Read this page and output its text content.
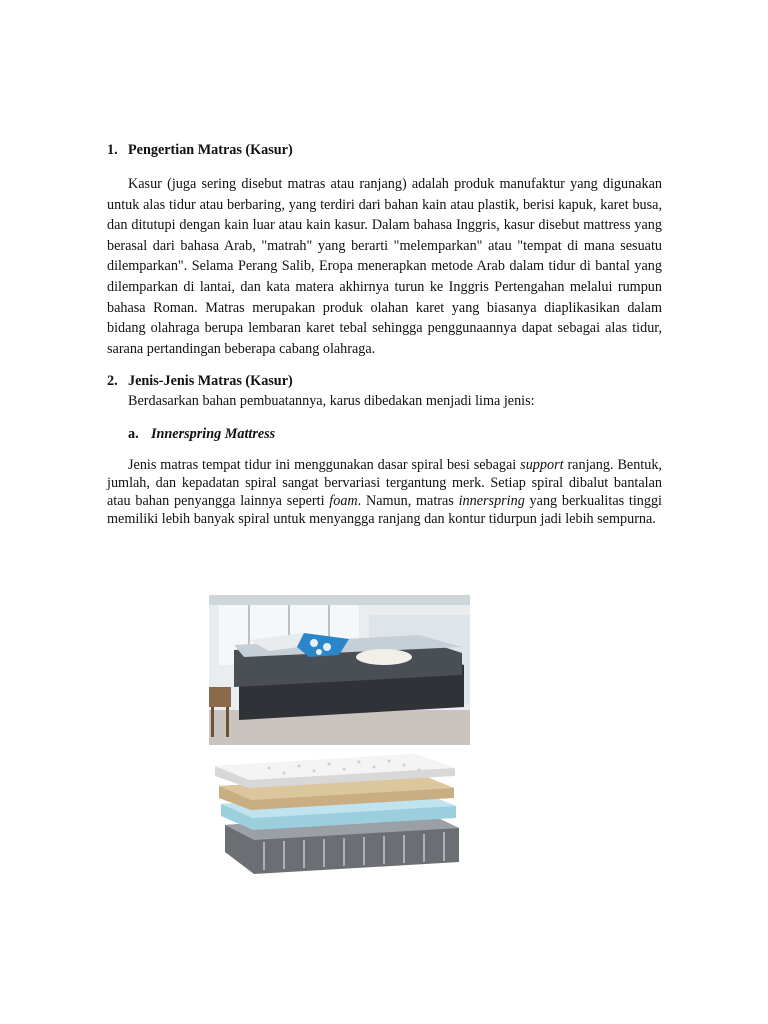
1. Pengertian Matras (Kasur)

Kasur (juga sering disebut matras atau ranjang) adalah produk manufaktur yang digunakan untuk alas tidur atau berbaring, yang terdiri dari bahan kain atau plastik, berisi kapuk, karet busa, dan ditutupi dengan kain luar atau kain kasur. Dalam bahasa Inggris, kasur disebut mattress yang berasal dari bahasa Arab, "matrah" yang berarti "melemparkan" atau "tempat di mana sesuatu dilemparkan". Selama Perang Salib, Eropa menerapkan metode Arab dalam tidur di bantal yang dilemparkan di lantai, dan kata matera akhirnya turun ke Inggris Pertengahan melalui rumpun bahasa Roman. Matras merupakan produk olahan karet yang biasanya diaplikasikan dalam bidang olahraga berupa lembaran karet tebal sehingga penggunaannya dapat sebagai alas tidur, sarana pertandingan beberapa cabang olahraga.

2. Jenis-Jenis Matras (Kasur)

Berdasarkan bahan pembuatannya, karus dibedakan menjadi lima jenis:

a. Innerspring Mattress

Jenis matras tempat tidur ini menggunakan dasar spiral besi sebagai support ranjang. Bentuk, jumlah, dan kepadatan spiral sangat bervariasi tergantung merk. Setiap spiral dibalut bantalan atau bahan penyangga lainnya seperti foam. Namun, matras innerspring yang berkualitas tinggi memiliki lebih banyak spiral untuk menyangga ranjang dan kontur tidurpun jadi lebih sempurna.
